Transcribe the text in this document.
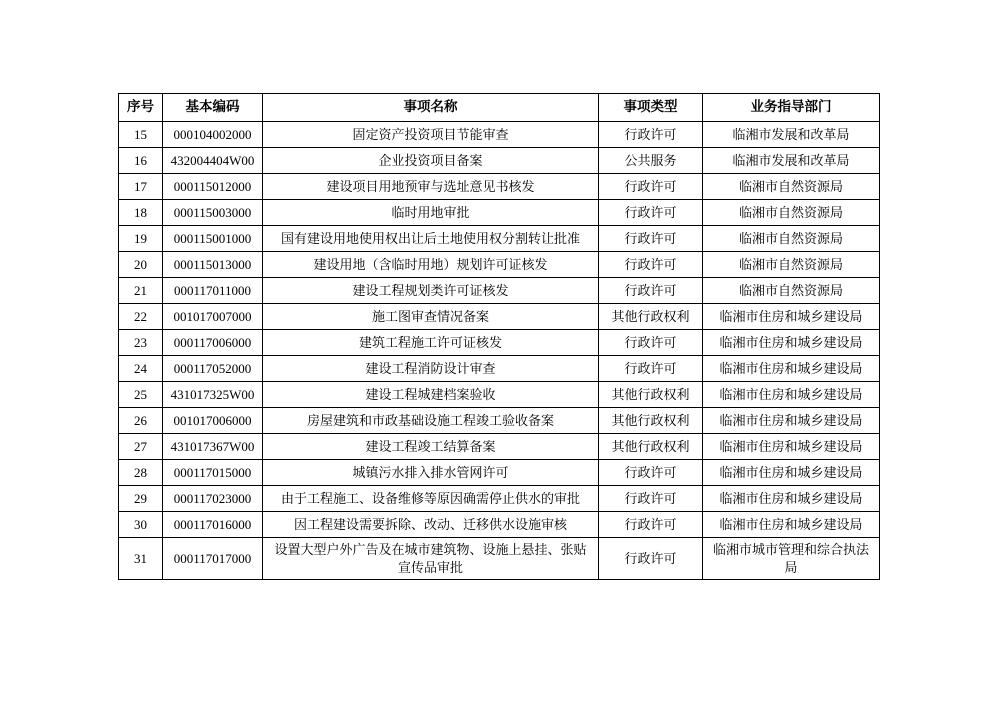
序号	基本编码	事项名称	事项类型	业务指导部门
15	000104002000	固定资产投资项目节能审查	行政许可	临湘市发展和改革局
16	432004404W00	企业投资项目备案	公共服务	临湘市发展和改革局
17	000115012000	建设项目用地预审与选址意见书核发	行政许可	临湘市自然资源局
18	000115003000	临时用地审批	行政许可	临湘市自然资源局
19	000115001000	国有建设用地使用权出让后土地使用权分割转让批准	行政许可	临湘市自然资源局
20	000115013000	建设用地（含临时用地）规划许可证核发	行政许可	临湘市自然资源局
21	000117011000	建设工程规划类许可证核发	行政许可	临湘市自然资源局
22	001017007000	施工图审查情况备案	其他行政权利	临湘市住房和城乡建设局
23	000117006000	建筑工程施工许可证核发	行政许可	临湘市住房和城乡建设局
24	000117052000	建设工程消防设计审查	行政许可	临湘市住房和城乡建设局
25	431017325W00	建设工程城建档案验收	其他行政权利	临湘市住房和城乡建设局
26	001017006000	房屋建筑和市政基础设施工程竣工验收备案	其他行政权利	临湘市住房和城乡建设局
27	431017367W00	建设工程竣工结算备案	其他行政权利	临湘市住房和城乡建设局
28	000117015000	城镇污水排入排水管网许可	行政许可	临湘市住房和城乡建设局
29	000117023000	由于工程施工、设备维修等原因确需停止供水的审批	行政许可	临湘市住房和城乡建设局
30	000117016000	因工程建设需要拆除、改动、迁移供水设施审核	行政许可	临湘市住房和城乡建设局
31	000117017000	设置大型户外广告及在城市建筑物、设施上悬挂、张贴宣传品审批	行政许可	临湘市城市管理和综合执法局
